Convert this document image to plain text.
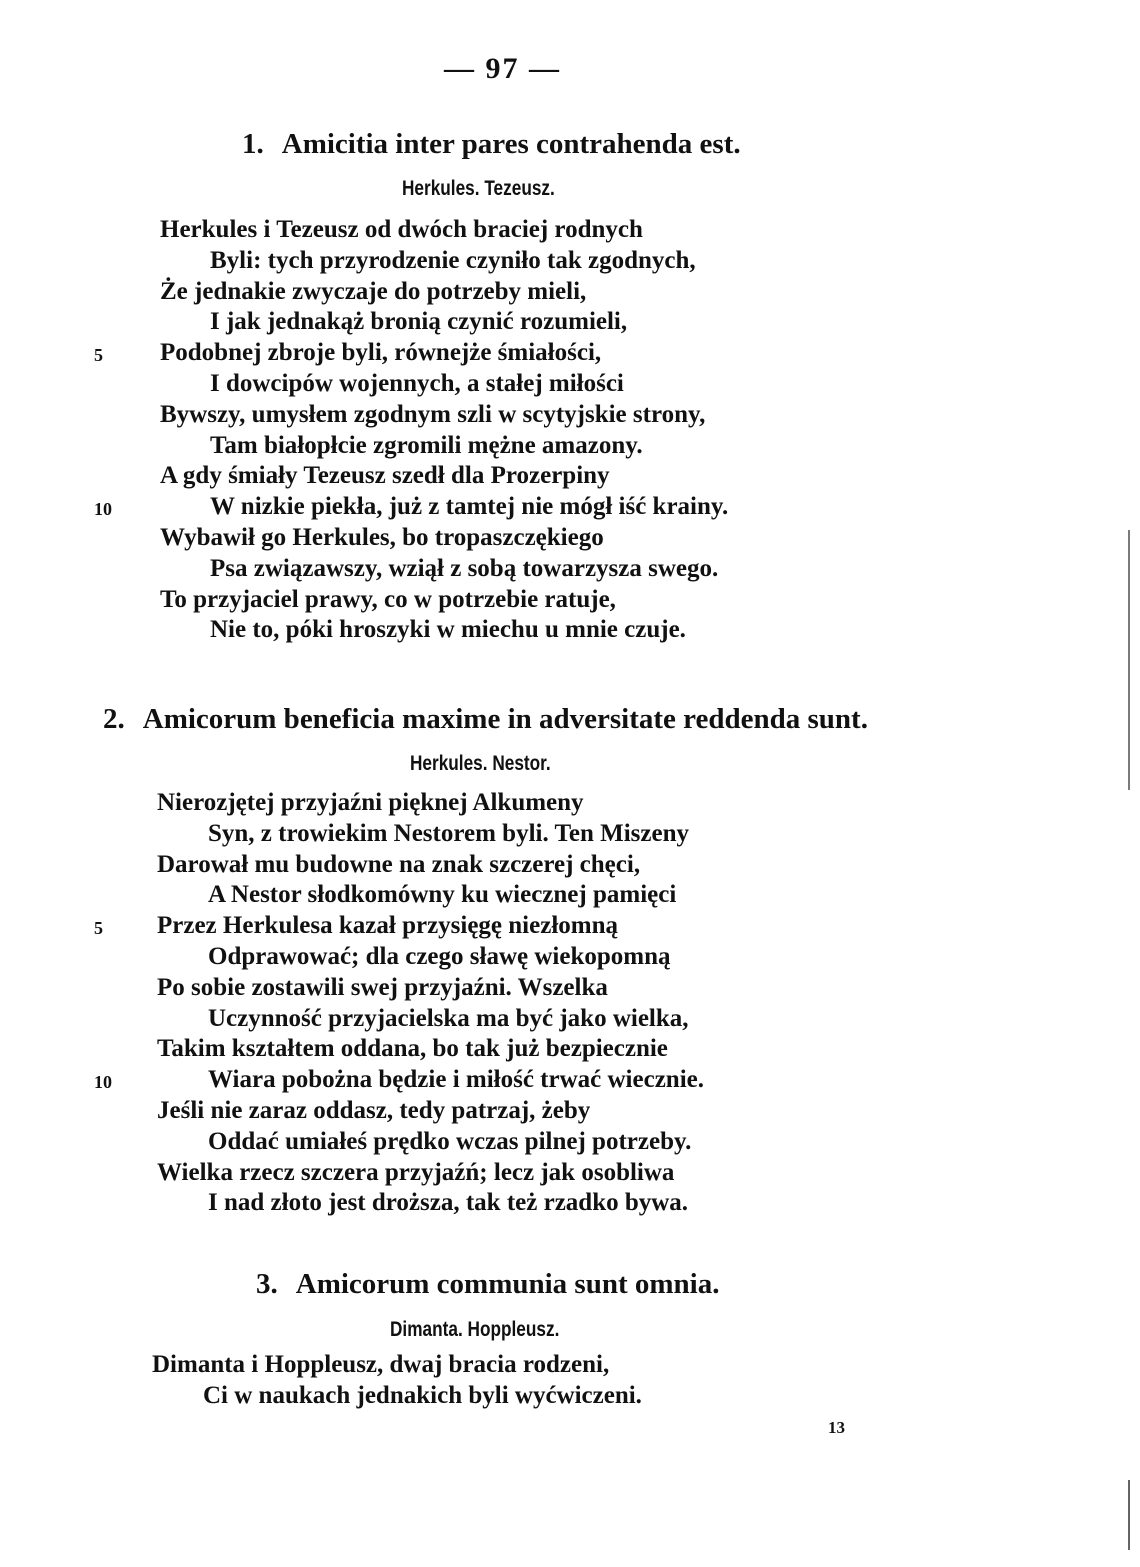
— 97 —
1. Amicitia inter pares contrahenda est.
Herkules. Tezeusz.
Herkules i Tezeusz od dwóch braciej rodnych
Byli: tych przyrodzenie czyniło tak zgodnych,
Że jednakie zwyczaje do potrzeby mieli,
I jak jednakąż bronią czynić rozumieli,
Podobnej zbroje byli, równejże śmiałości,
5
I dowcipów wojennych, a stałej miłości
Bywszy, umysłem zgodnym szli w scytyjskie strony,
Tam białopłcie zgromili mężne amazony.
A gdy śmiały Tezeusz szedł dla Prozerpiny
W nizkie piekła, już z tamtej nie mógł iść krainy.
10
Wybawił go Herkules, bo tropaszczękiego
Psa związawszy, wziął z sobą towarzysza swego.
To przyjaciel prawy, co w potrzebie ratuje,
Nie to, póki hroszyki w miechu u mnie czuje.
2. Amicorum beneficia maxime in adversitate reddenda sunt.
Herkules. Nestor.
Nierozjętej przyjaźni pięknej Alkumeny
Syn, z trowiekim Nestorem byli. Ten Miszeny
Darował mu budowne na znak szczerej chęci,
A Nestor słodkomówny ku wiecznej pamięci
Przez Herkulesa kazał przysięgę niezłomną
5
Odprawować; dla czego sławę wiekopomną
Po sobie zostawili swej przyjaźni. Wszelka
Uczynność przyjacielska ma być jako wielka,
Takim kształtem oddana, bo tak już bezpiecznie
Wiara pobożna będzie i miłość trwać wiecznie.
10
Jeśli nie zaraz oddasz, tedy patrzaj, żeby
Oddać umiałeś prędko wczas pilnej potrzeby.
Wielka rzecz szczera przyjaźń; lecz jak osobliwa
I nad złoto jest droższa, tak też rzadko bywa.
3. Amicorum communia sunt omnia.
Dimanta. Hoppleusz.
Dimanta i Hoppleusz, dwaj bracia rodzeni,
Ci w naukach jednakich byli wyćwiczeni.
13
